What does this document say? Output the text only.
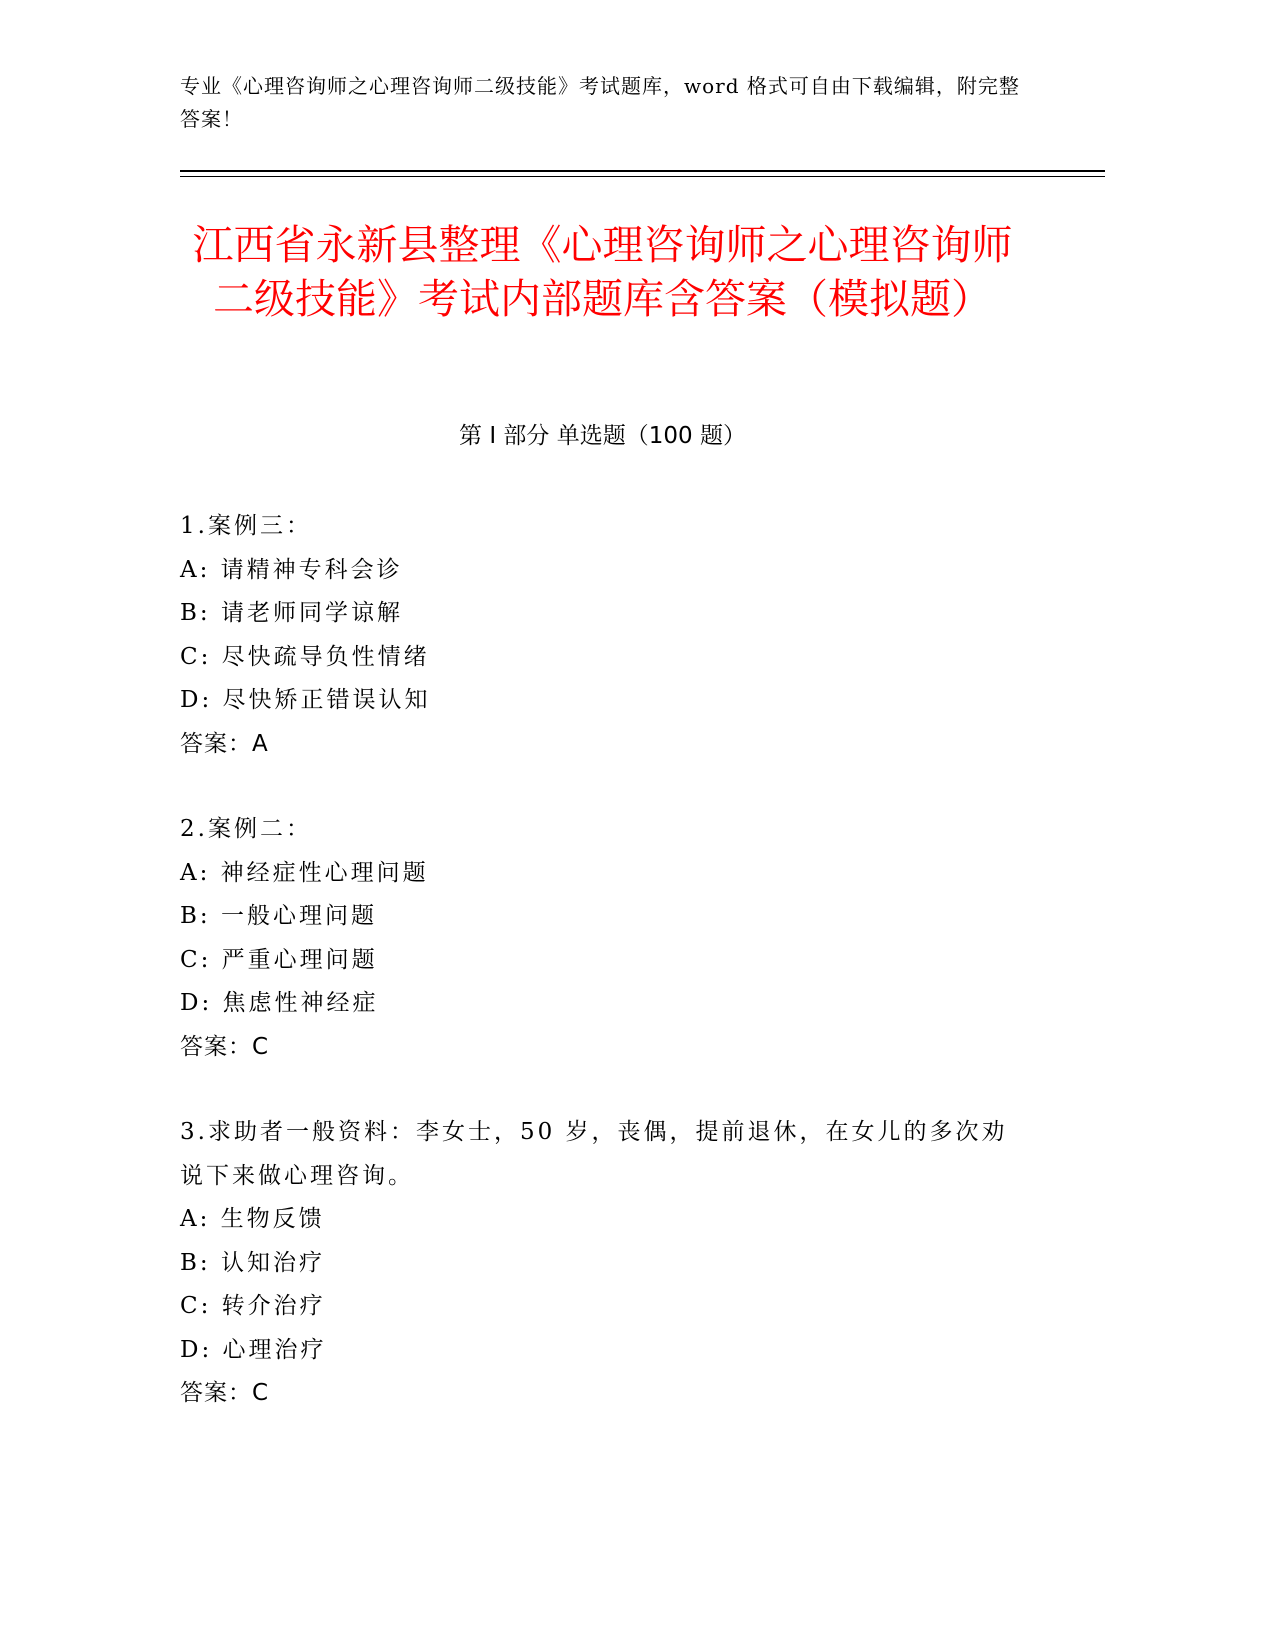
专业《心理咨询师之心理咨询师二级技能》考试题库，word 格式可自由下载编辑，附完整答案！
江西省永新县整理《心理咨询师之心理咨询师二级技能》考试内部题库含答案（模拟题）
第 I 部分 单选题（100 题）
1.案例三：
A: 请精神专科会诊
B: 请老师同学谅解
C: 尽快疏导负性情绪
D: 尽快矫正错误认知
答案：A
2.案例二：
A: 神经症性心理问题
B: 一般心理问题
C: 严重心理问题
D: 焦虑性神经症
答案：C
3.求助者一般资料：李女士，50 岁，丧偶，提前退休，在女儿的多次劝说下来做心理咨询。
A: 生物反馈
B: 认知治疗
C: 转介治疗
D: 心理治疗
答案：C
